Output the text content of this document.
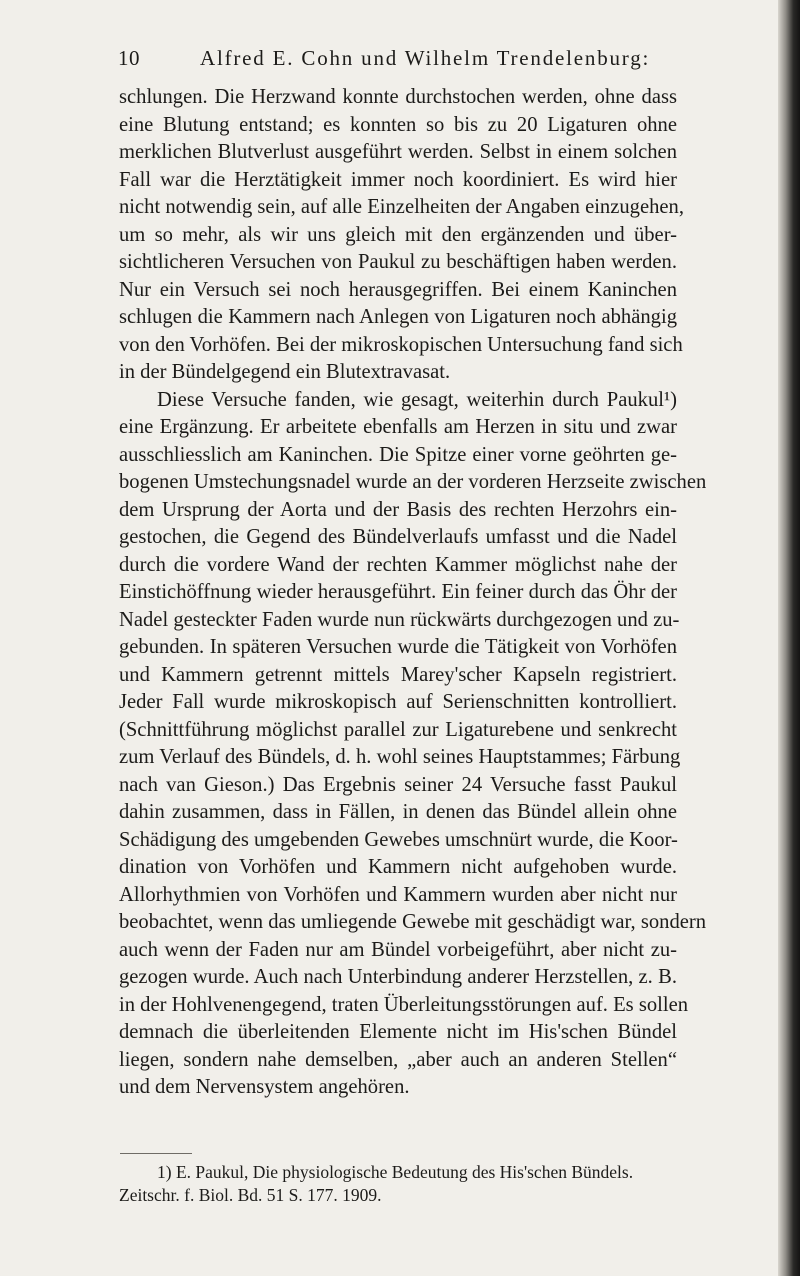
10	Alfred E. Cohn und Wilhelm Trendelenburg:
schlungen. Die Herzwand konnte durchstochen werden, ohne dass
eine Blutung entstand; es konnten so bis zu 20 Ligaturen ohne
merklichen Blutverlust ausgeführt werden. Selbst in einem solchen
Fall war die Herztätigkeit immer noch koordiniert. Es wird hier
nicht notwendig sein, auf alle Einzelheiten der Angaben einzugehen,
um so mehr, als wir uns gleich mit den ergänzenden und über-
sichtlicheren Versuchen von Paukul zu beschäftigen haben werden.
Nur ein Versuch sei noch herausgegriffen. Bei einem Kaninchen
schlugen die Kammern nach Anlegen von Ligaturen noch abhängig
von den Vorhöfen. Bei der mikroskopischen Untersuchung fand sich
in der Bündelgegend ein Blutextravasat.
Diese Versuche fanden, wie gesagt, weiterhin durch Paukul¹)
eine Ergänzung. Er arbeitete ebenfalls am Herzen in situ und zwar
ausschliesslich am Kaninchen. Die Spitze einer vorne geöhrten ge-
bogenen Umstechungsnadel wurde an der vorderen Herzseite zwischen
dem Ursprung der Aorta und der Basis des rechten Herzohrs ein-
gestochen, die Gegend des Bündelverlaufs umfasst und die Nadel
durch die vordere Wand der rechten Kammer möglichst nahe der
Einstichöffnung wieder herausgeführt. Ein feiner durch das Öhr der
Nadel gesteckter Faden wurde nun rückwärts durchgezogen und zu-
gebunden. In späteren Versuchen wurde die Tätigkeit von Vorhöfen
und Kammern getrennt mittels Marey'scher Kapseln registriert.
Jeder Fall wurde mikroskopisch auf Serienschnitten kontrolliert.
(Schnittführung möglichst parallel zur Ligaturebene und senkrecht
zum Verlauf des Bündels, d. h. wohl seines Hauptstammes; Färbung
nach van Gieson.) Das Ergebnis seiner 24 Versuche fasst Paukul
dahin zusammen, dass in Fällen, in denen das Bündel allein ohne
Schädigung des umgebenden Gewebes umschnürt wurde, die Koor-
dination von Vorhöfen und Kammern nicht aufgehoben wurde.
Allorhythmien von Vorhöfen und Kammern wurden aber nicht nur
beobachtet, wenn das umliegende Gewebe mit geschädigt war, sondern
auch wenn der Faden nur am Bündel vorbeigeführt, aber nicht zu-
gezogen wurde. Auch nach Unterbindung anderer Herzstellen, z. B.
in der Hohlvenengegend, traten Überleitungsstörungen auf. Es sollen
demnach die überleitenden Elemente nicht im His'schen Bündel
liegen, sondern nahe demselben, „aber auch an anderen Stellen“
und dem Nervensystem angehören.
1) E. Paukul, Die physiologische Bedeutung des His'schen Bündels.
Zeitschr. f. Biol. Bd. 51 S. 177. 1909.
